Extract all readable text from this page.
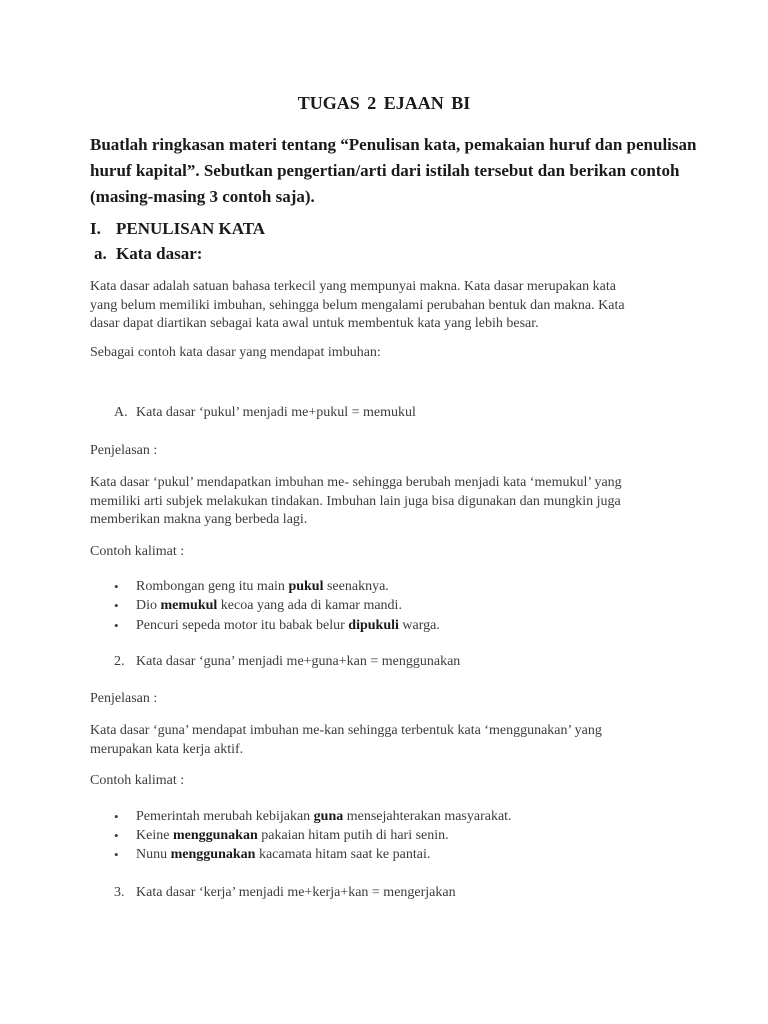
TUGAS 2 EJAAN BI
Buatlah ringkasan materi tentang “Penulisan kata, pemakaian huruf dan penulisan
huruf kapital”. Sebutkan pengertian/arti dari istilah tersebut dan berikan contoh
(masing-masing 3 contoh saja).
I. PENULISAN KATA
a. Kata dasar:
Kata dasar adalah satuan bahasa terkecil yang mempunyai makna. Kata dasar merupakan kata
yang belum memiliki imbuhan, sehingga belum mengalami perubahan bentuk dan makna. Kata
dasar dapat diartikan sebagai kata awal untuk membentuk kata yang lebih besar.
Sebagai contoh kata dasar yang mendapat imbuhan:
A. Kata dasar ‘pukul’ menjadi me+pukul = memukul
Penjelasan :
Kata dasar ‘pukul’ mendapatkan imbuhan me- sehingga berubah menjadi kata ‘memukul’ yang
memiliki arti subjek melakukan tindakan. Imbuhan lain juga bisa digunakan dan mungkin juga
memberikan makna yang berbeda lagi.
Contoh kalimat :
• Rombongan geng itu main pukul seenaknya.
• Dio memukul kecoa yang ada di kamar mandi.
• Pencuri sepeda motor itu babak belur dipukuli warga.
2. Kata dasar ‘guna’ menjadi me+guna+kan = menggunakan
Penjelasan :
Kata dasar ‘guna’ mendapat imbuhan me-kan sehingga terbentuk kata ‘menggunakan’ yang
merupakan kata kerja aktif.
Contoh kalimat :
• Pemerintah merubah kebijakan guna mensejahterakan masyarakat.
• Keine menggunakan pakaian hitam putih di hari senin.
• Nunu menggunakan kacamata hitam saat ke pantai.
3. Kata dasar ‘kerja’ menjadi me+kerja+kan = mengerjakan
